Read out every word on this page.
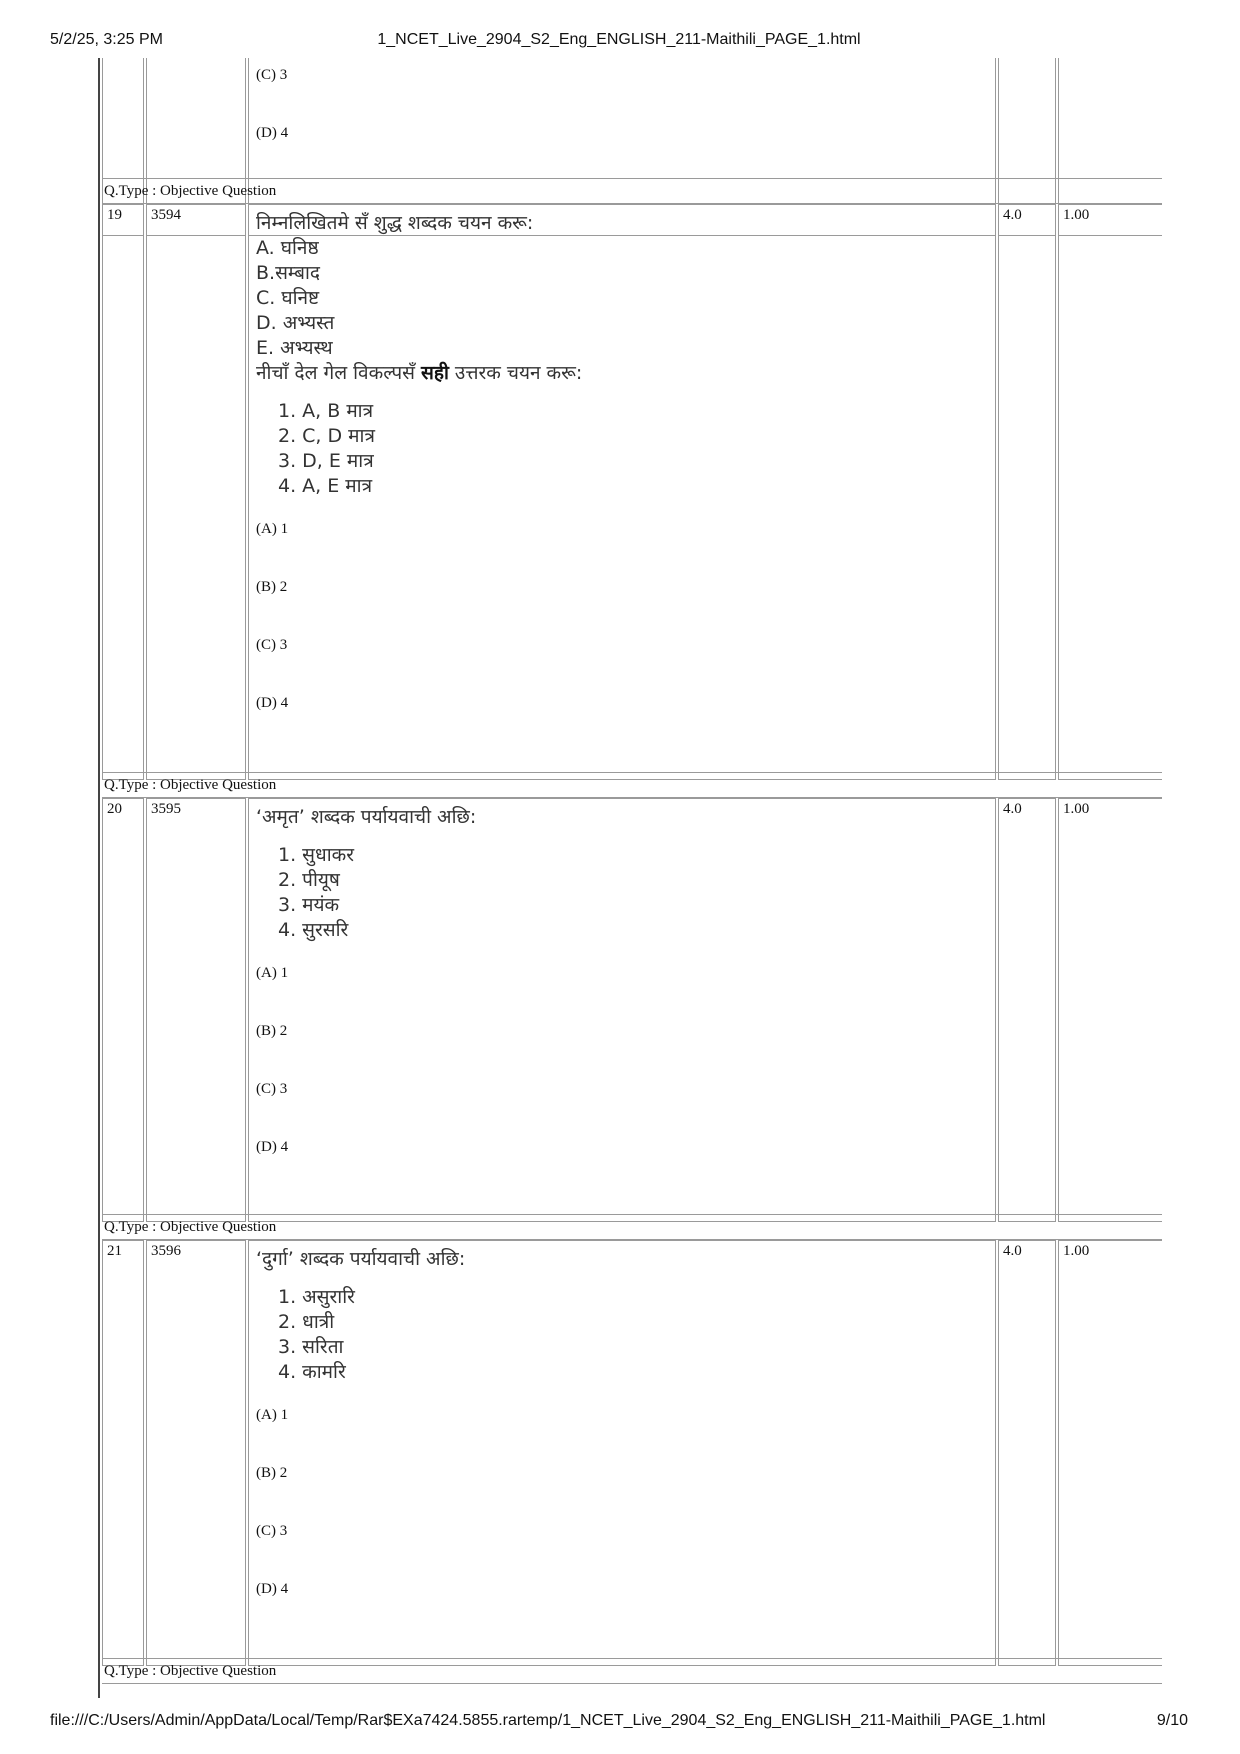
5/2/25, 3:25 PM	1_NCET_Live_2904_S2_Eng_ENGLISH_211-Maithili_PAGE_1.html
(C) 3
(D) 4
Q.Type : Objective Question
19	3594	निम्नलिखितमे सँ शुद्ध शब्दक चयन करू:
A. घनिष्ठ
B.सम्बाद
C. घनिष्ट
D. अभ्यस्त
E. अभ्यस्थ
नीचाँ देल गेल विकल्पसँ सही उत्तरक चयन करू:
1. A, B मात्र
2. C, D मात्र
3. D, E मात्र
4. A, E मात्र
(A) 1
(B) 2
(C) 3
(D) 4
4.0	1.00
Q.Type : Objective Question
20	3595	‘अमृत’ शब्दक पर्यायवाची अछि:
1. सुधाकर
2. पीयूष
3. मयंक
4. सुरसरि
(A) 1
(B) 2
(C) 3
(D) 4
4.0	1.00
Q.Type : Objective Question
21	3596	‘दुर्गा’ शब्दक पर्यायवाची अछि:
1. असुरारि
2. धात्री
3. सरिता
4. कामरि
(A) 1
(B) 2
(C) 3
(D) 4
4.0	1.00
Q.Type : Objective Question
file:///C:/Users/Admin/AppData/Local/Temp/Rar$EXa7424.5855.rartemp/1_NCET_Live_2904_S2_Eng_ENGLISH_211-Maithili_PAGE_1.html	9/10
